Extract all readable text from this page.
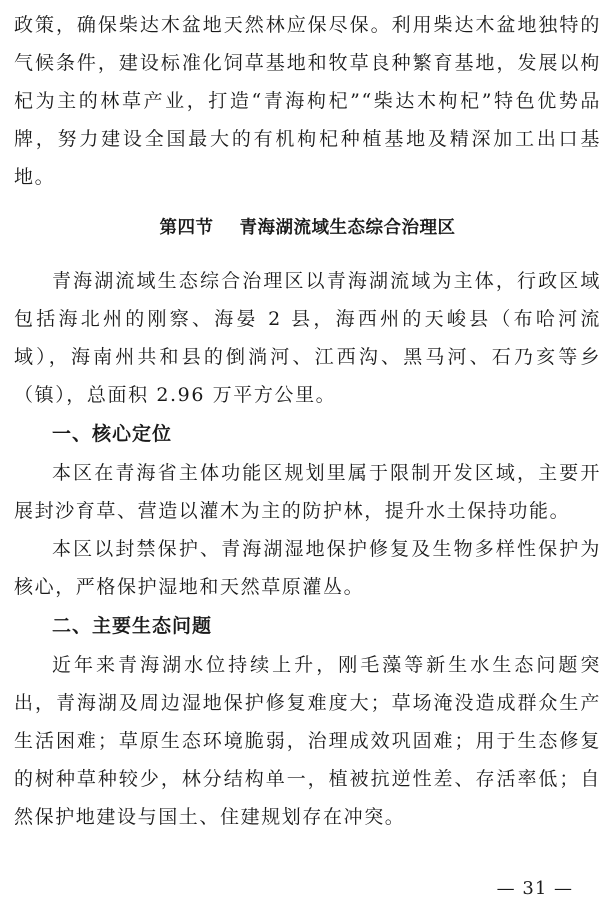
政策，确保柴达木盆地天然林应保尽保。利用柴达木盆地独特的气候条件，建设标准化饲草基地和牧草良种繁育基地，发展以枸杞为主的林草产业，打造“青海枸杞”“柴达木枸杞”特色优势品牌，努力建设全国最大的有机枸杞种植基地及精深加工出口基地。

第四节 青海湖流域生态综合治理区

青海湖流域生态综合治理区以青海湖流域为主体，行政区域包括海北州的刚察、海晏 2 县，海西州的天峻县（布哈河流域），海南州共和县的倒淌河、江西沟、黑马河、石乃亥等乡（镇），总面积 2.96 万平方公里。

一、核心定位

本区在青海省主体功能区规划里属于限制开发区域，主要开展封沙育草、营造以灌木为主的防护林，提升水土保持功能。

本区以封禁保护、青海湖湿地保护修复及生物多样性保护为核心，严格保护湿地和天然草原灌丛。

二、主要生态问题

近年来青海湖水位持续上升，刚毛藻等新生水生态问题突出，青海湖及周边湿地保护修复难度大；草场淹没造成群众生产生活困难；草原生态环境脆弱，治理成效巩固难；用于生态修复的树种草种较少，林分结构单一，植被抗逆性差、存活率低；自然保护地建设与国土、住建规划存在冲突。

— 31 —
